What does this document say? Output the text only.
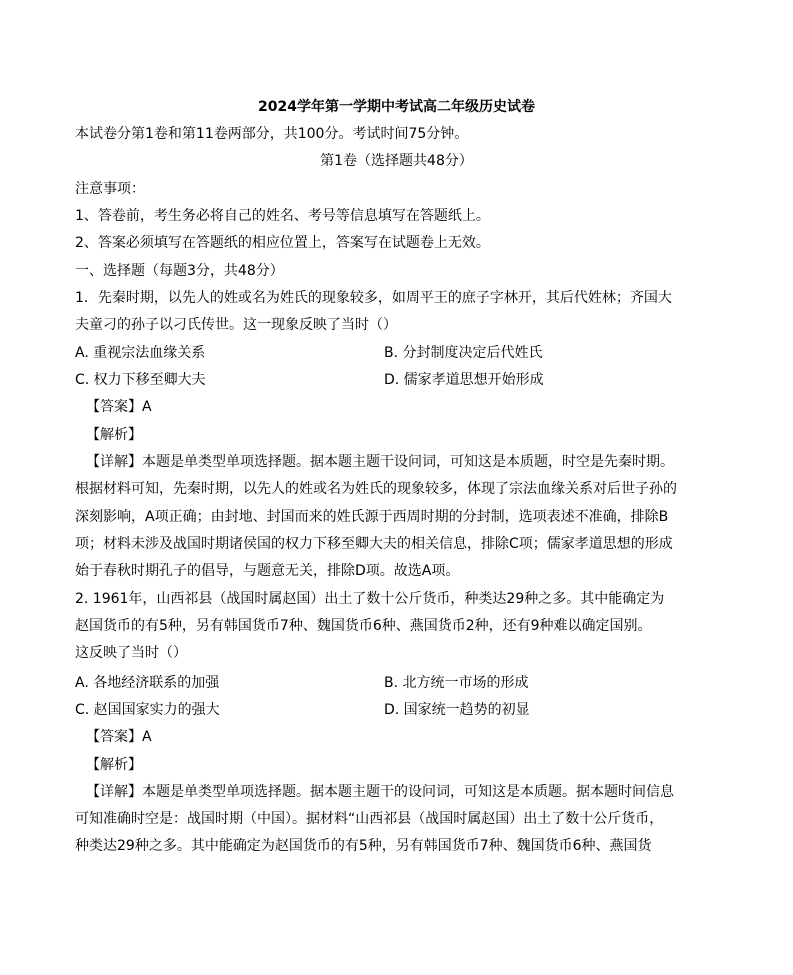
2024学年第一学期中考试高二年级历史试卷
本试卷分第1卷和第11卷两部分，共100分。考试时间75分钟。
第1卷（选择题共48分）
注意事项：
1、答卷前，考生务必将自己的姓名、考号等信息填写在答题纸上。
2、答案必须填写在答题纸的相应位置上，答案写在试题卷上无效。
一、选择题（每题3分，共48分）
1．先秦时期，以先人的姓或名为姓氏的现象较多，如周平王的庶子字林开，其后代姓林；齐国大
夫童刁的孙子以刁氏传世。这一现象反映了当时（）
A. 重视宗法血缘关系	B. 分封制度决定后代姓氏
C. 权力下移至卿大夫	D. 儒家孝道思想开始形成
【答案】A
【解析】
【详解】本题是单类型单项选择题。据本题主题干设问词，可知这是本质题，时空是先秦时期。
根据材料可知，先秦时期，以先人的姓或名为姓氏的现象较多，体现了宗法血缘关系对后世子孙的
深刻影响，A项正确；由封地、封国而来的姓氏源于西周时期的分封制，选项表述不准确，排除B
项；材料未涉及战国时期诸侯国的权力下移至卿大夫的相关信息，排除C项；儒家孝道思想的形成
始于春秋时期孔子的倡导，与题意无关，排除D项。故选A项。
2. 1961年，山西祁县（战国时属赵国）出土了数十公斤货币，种类达29种之多。其中能确定为
赵国货币的有5种，另有韩国货币7种、魏国货币6种、燕国货币2种，还有9种难以确定国别。
这反映了当时（）
A. 各地经济联系的加强	B. 北方统一市场的形成
C. 赵国国家实力的强大	D. 国家统一趋势的初显
【答案】A
【解析】
【详解】本题是单类型单项选择题。据本题主题干的设问词，可知这是本质题。据本题时间信息
可知准确时空是：战国时期（中国）。据材料“山西祁县（战国时属赵国）出土了数十公斤货币，
种类达29种之多。其中能确定为赵国货币的有5种，另有韩国货币7种、魏国货币6种、燕国货
